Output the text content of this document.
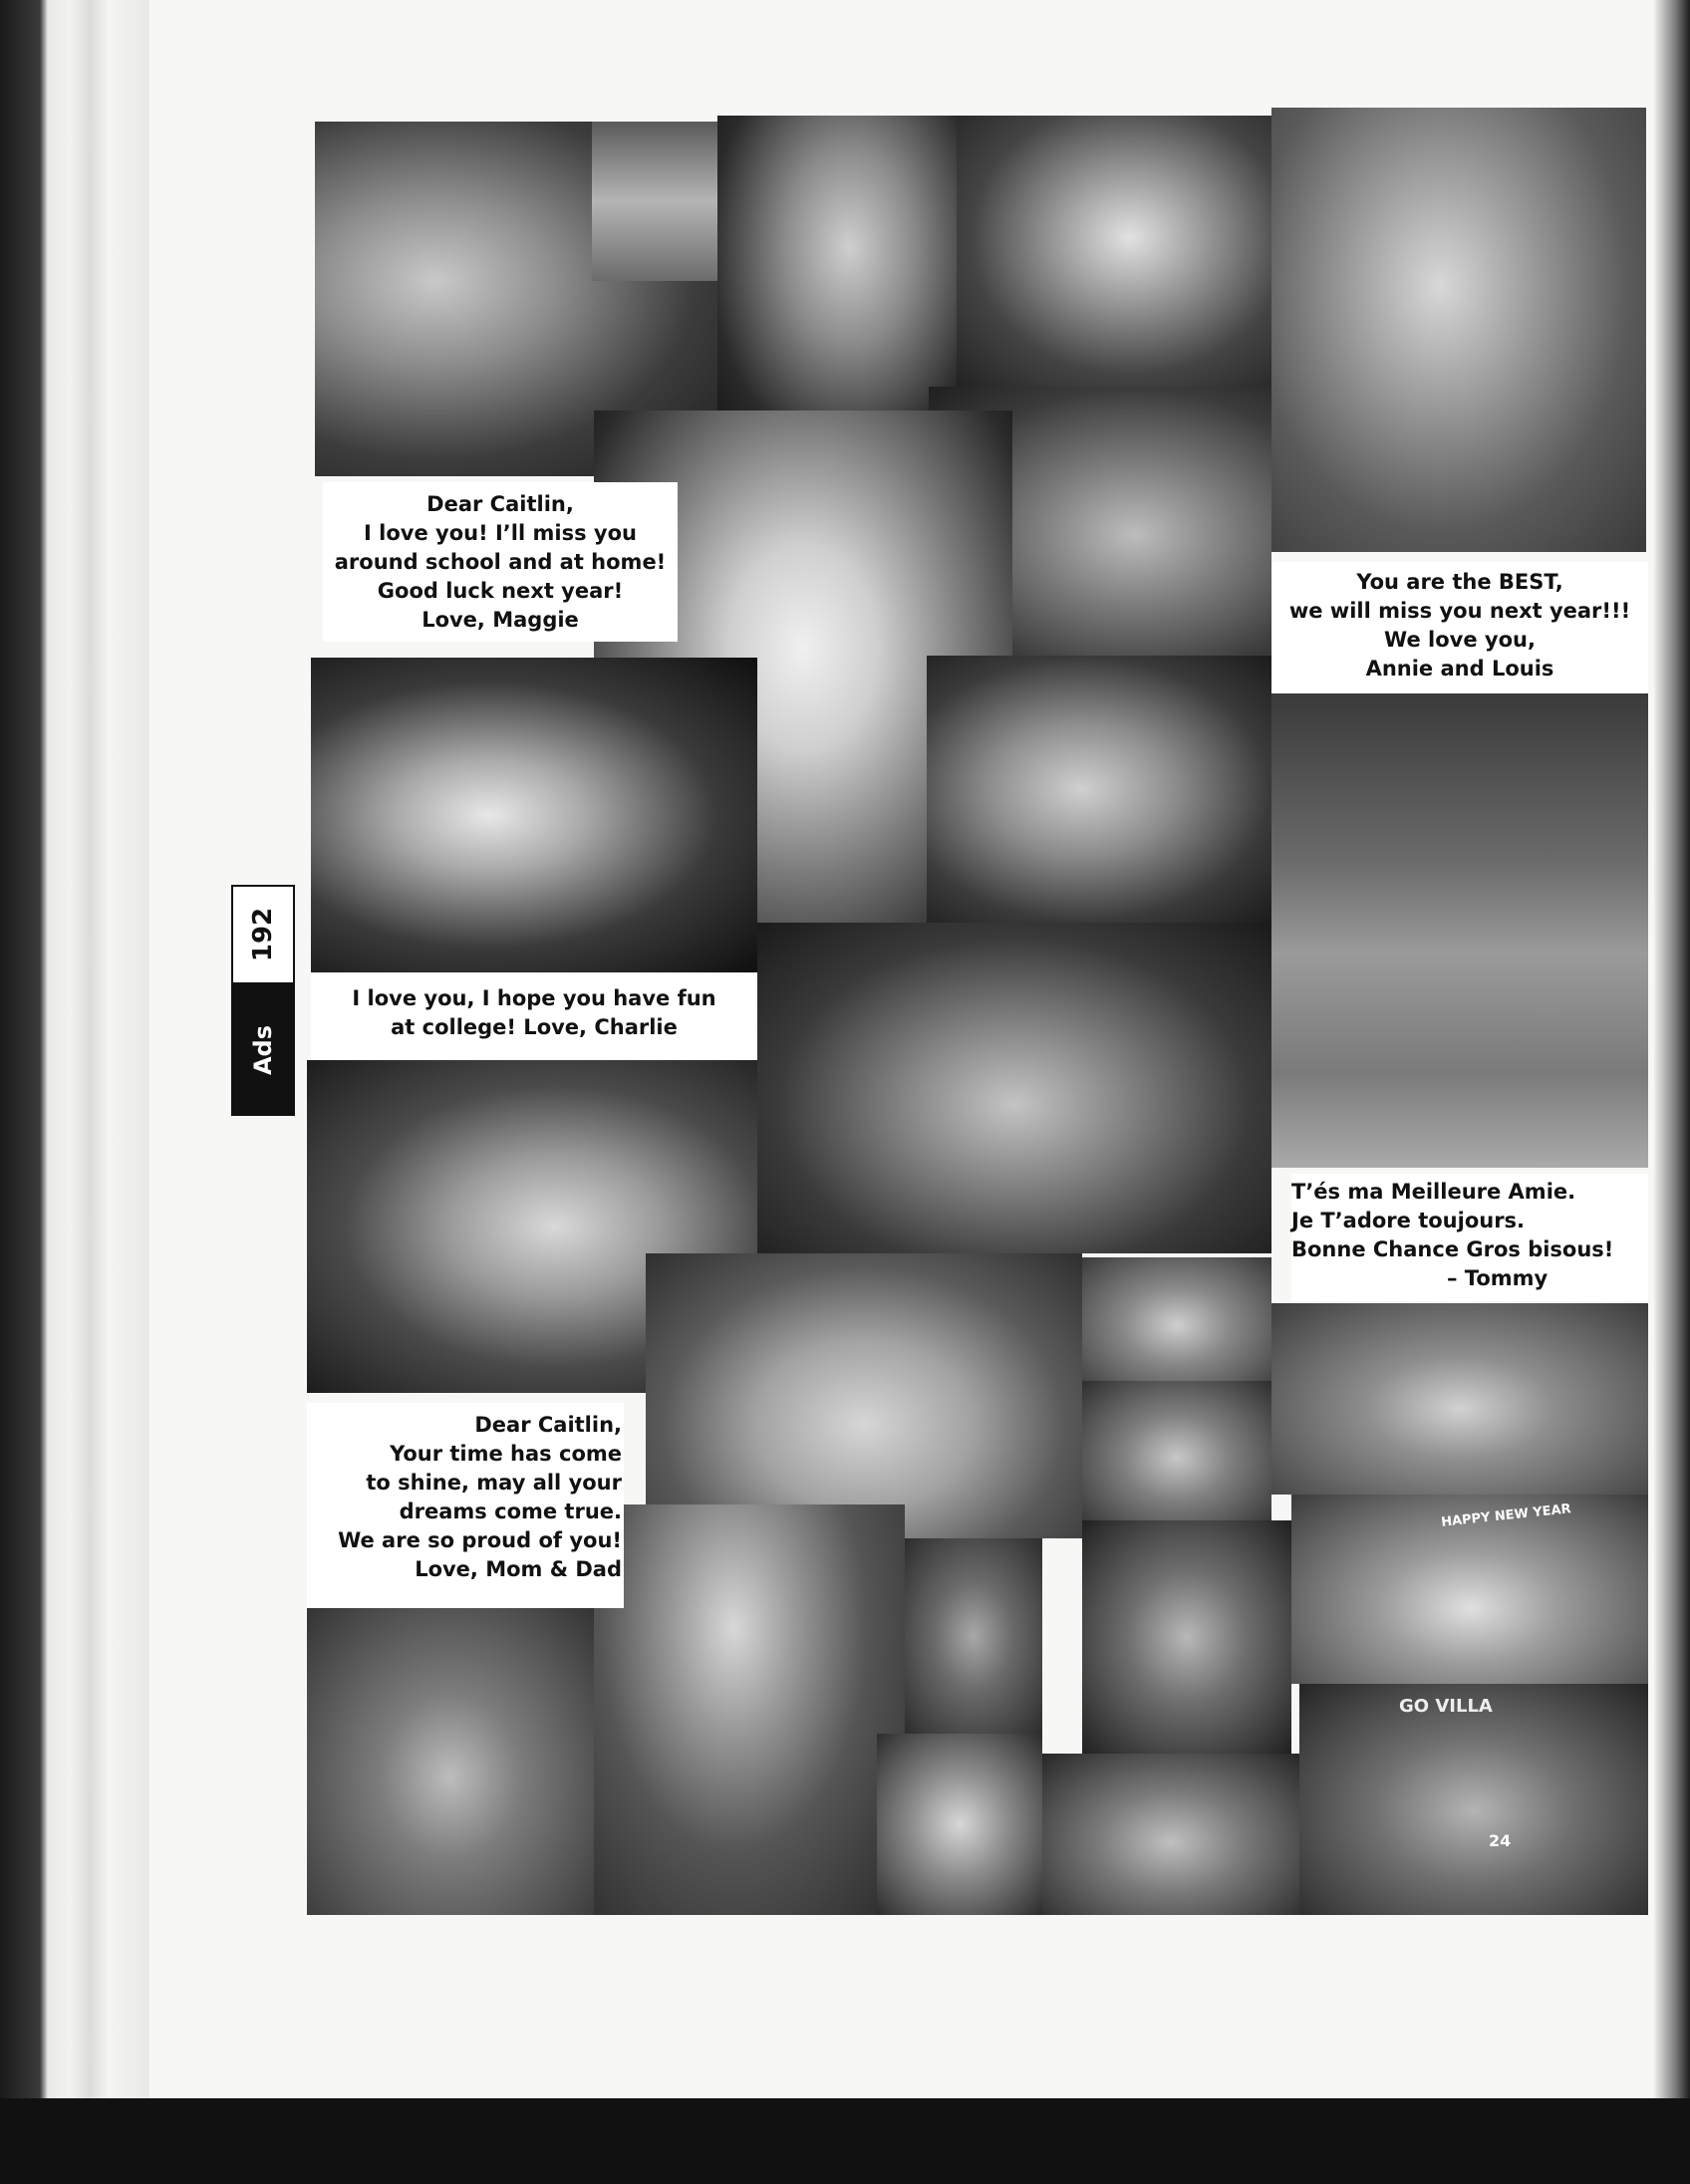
HAPPY NEW YEAR
GO VILLA
24
Dear Caitlin,
I love you! I’ll miss you
around school and at home!
Good luck next year!
Love, Maggie
You are the BEST,
we will miss you next year!!!
We love you,
Annie and Louis
I love you, I hope you have fun
at college! Love, Charlie
T’és ma Meilleure Amie.
Je T’adore toujours.
Bonne Chance Gros bisous!
– Tommy
Dear Caitlin,
Your time has come
to shine, may all your
dreams come true.
We are so proud of you!
Love, Mom & Dad
192
Ads
